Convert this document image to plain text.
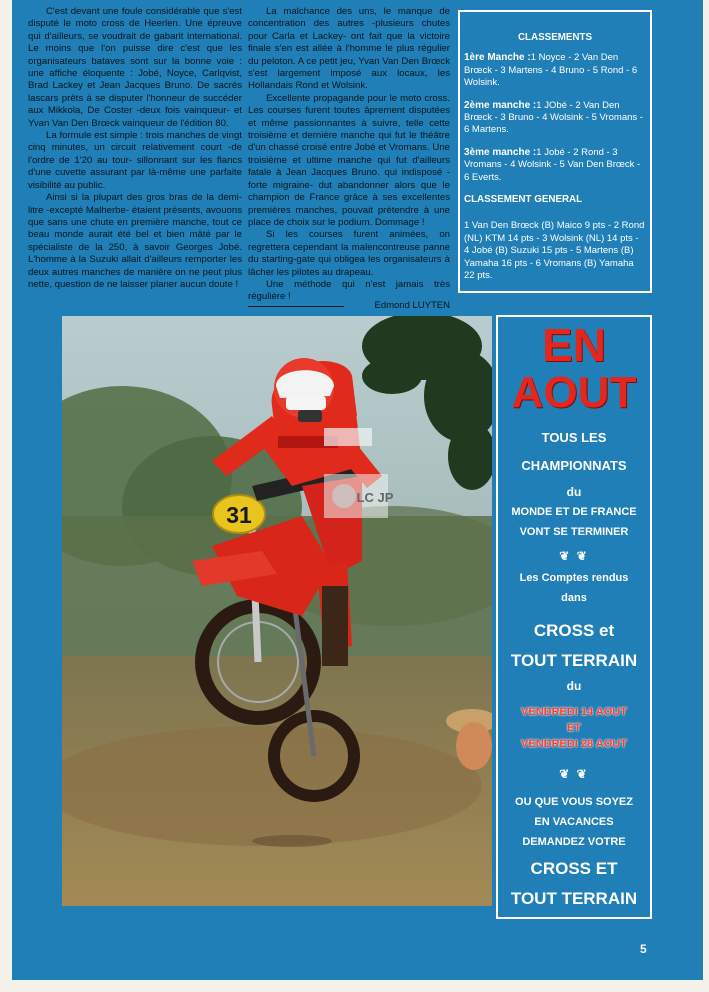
C'est devant une foule considérable que s'est disputé le moto cross de Heerlen. Une épreuve qui d'ailleurs, se voudrait de gabarit international. Le moins que l'on puisse dire c'est que les organisateurs bataves sont sur la bonne voie : une affiche éloquente : Jobé, Noyce, Carlqvist, Brad Lackey et Jean Jacques Bruno. De sacrés lascars prêts à se disputer l'honneur de succéder aux Mikkola, De Coster -deux fois vainqueur- et Yvan Van Den Brœck vainqueur de l'édition 80.

La formule est simple : trois manches de vingt cinq minutes, un circuit relativement court -de l'ordre de 1'20 au tour- sillonnant sur les flancs d'une cuvette assurant par là-même une parfaite visibilité au public.

Ainsi si la plupart des gros bras de la demi-litre -excepté Malherbe- étaient présents, avouons que sans une chute en première manche, tout ce beau monde aurait été bel et bien mâté par le spécialiste de la 250, à savoir Georges Jobé. L'homme à la Suzuki allait d'ailleurs remporter les deux autres manches de manière on ne peut plus nette, question de ne laisser planer aucun doute !

La malchance des uns, le manque de concentration des autres -plusieurs chutes pour Carla et Lackey- ont fait que la victoire finale s'en est allée à l'homme le plus régulier du peloton. A ce petit jeu, Yvan Van Den Brœck s'est largement imposé aux locaux, les Hollandais Rond et Wolsink.

Excellente propagande pour le moto cross. Les courses furent toutes âprement disputées et même passionnantes à suivre, telle cette troisième et dernière manche qui fut le théâtre d'un chassé croisé entre Jobé et Vromans. Une troisième et ultime manche qui fut d'ailleurs fatale à Jean Jacques Bruno. qui indisposé -forte migraine- dut abandonner alors que le champion de France grâce à ses excellentes premières manches, pouvait prétendre à une place de choix sur le podium. Dommage !

Si les courses furent animées, on regrettera cependant la malencontreuse panne du starting-gate qui obligea les organisateurs à lâcher les pilotes au drapeau.

Une méthode qui n'est jamais très régulière !

Edmond LUYTEN
CLASSEMENTS

1ère Manche :1 Noyce - 2 Van Den Brœck - 3 Martens - 4 Bruno - 5 Rond - 6 Wolsink.

2ème manche :1 JObé - 2 Van Den Brœck - 3 Bruno - 4 Wolsink - 5 Vromans - 6 Martens.

3ème manche :1 Jobé - 2 Rond - 3 Vromans - 4 Wolsink - 5 Van Den Brœck - 6 Everts.

CLASSEMENT GENERAL

1 Van Den Brœck (B) Maico 9 pts - 2 Rond (NL) KTM 14 pts - 3 Wolsink (NL) 14 pts - 4 Jobé (B) Suzuki 15 pts - 5 Martens (B) Yamaha 16 pts - 6 Vromans (B) Yamaha 22 pts.

31
LC JP
EN
AOUT
TOUS LES
CHAMPIONNATS
du
MONDE ET DE FRANCE
VONT SE TERMINER
❦ ❦
Les Comptes rendus
dans
CROSS et
TOUT TERRAIN
du
VENDREDI 14 AOUT
ET
VENDREDI 28 AOUT
❦ ❦
OU QUE VOUS SOYEZ
EN VACANCES
DEMANDEZ VOTRE
CROSS ET
TOUT TERRAIN
5
